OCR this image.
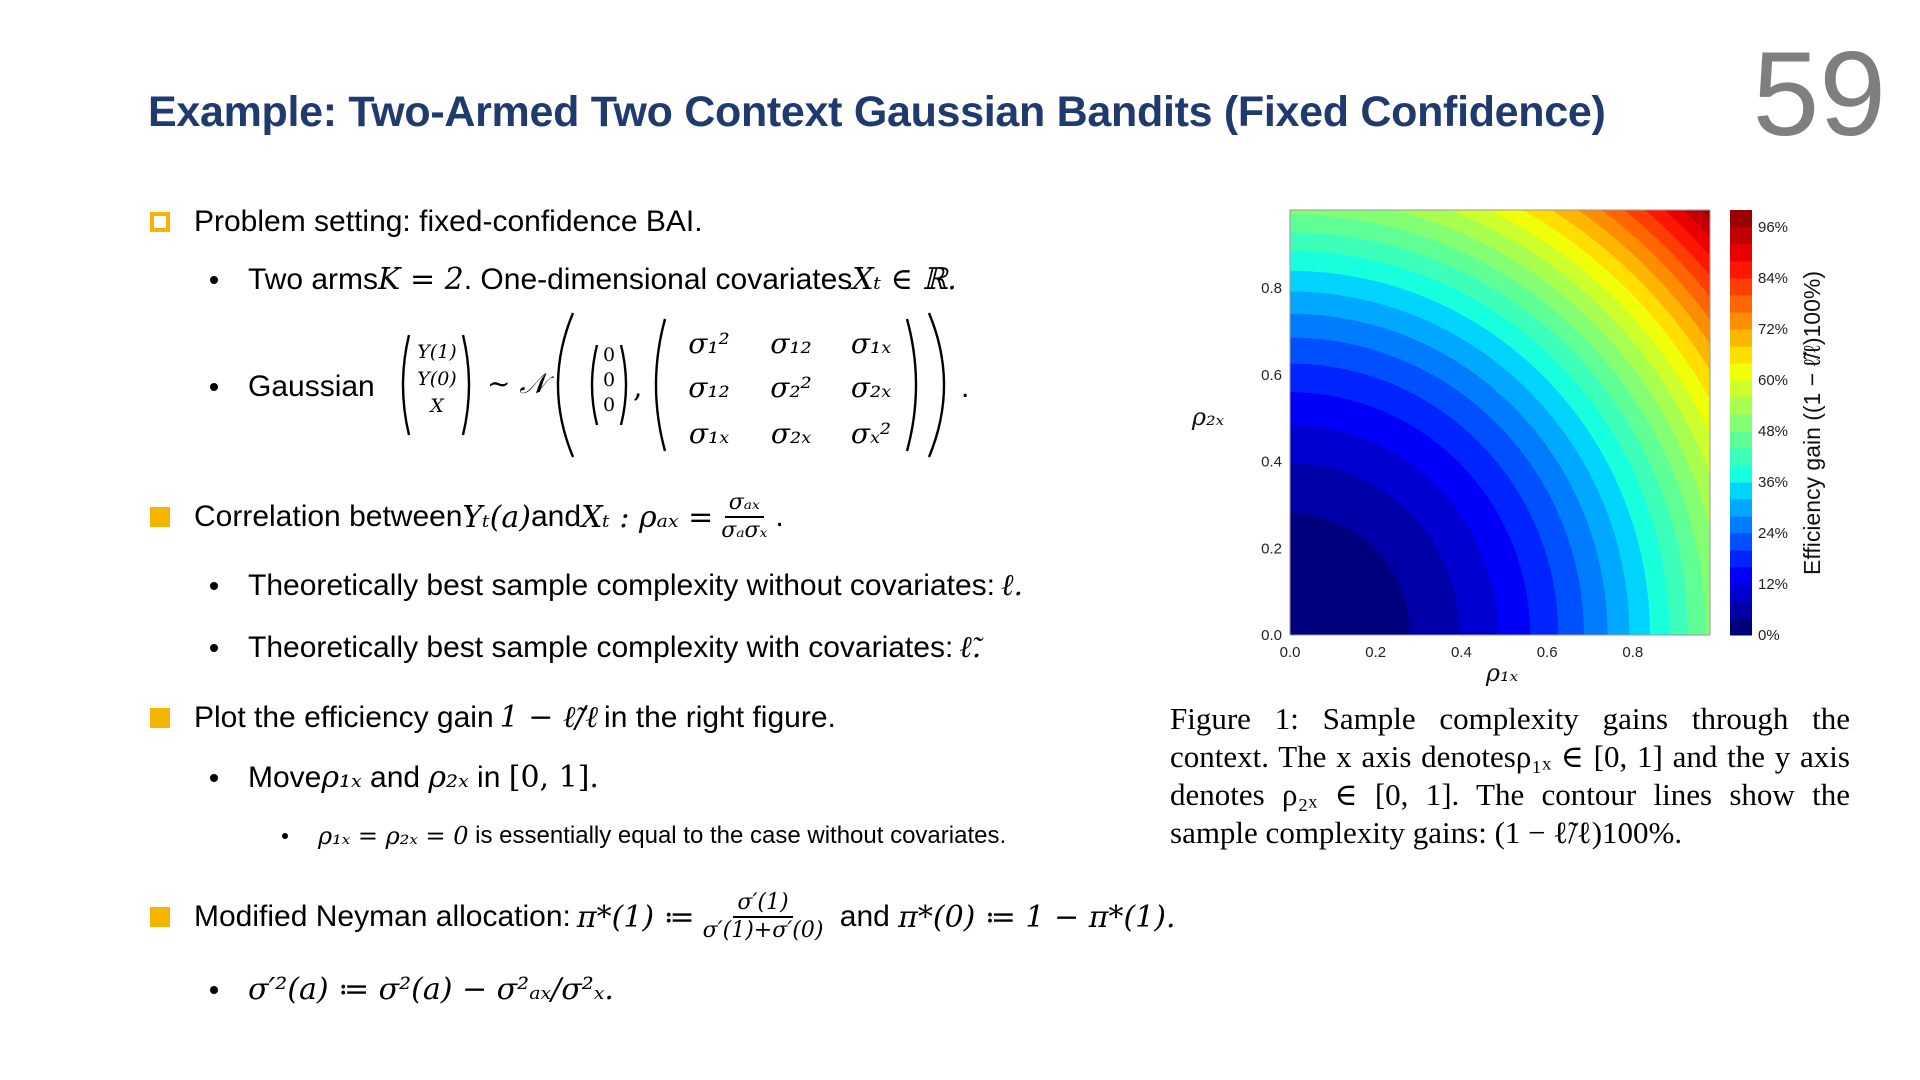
Example: Two-Armed Two Context Gaussian Bandits (Fixed Confidence) 59
Problem setting: fixed-confidence BAI.
Two arms K = 2 . One-dimensional covariates Xₜ ∈ ℝ.
Gaussian
Y(1)
Y(0)
X
~ 𝒩
0
0
0 ,
σ₁² σ₁₂ σ₁ₓ
σ₁₂ σ₂² σ₂ₓ
σ₁ₓ σ₂ₓ σₓ²
.
Correlation between Yₜ(a) and Xₜ : $\rho_{ax} = \frac{\text{σₐₓ}}{\text{σₐσₓ}}$ .
Theoretically best sample complexity without covariates: ℓ.
Theoretically best sample complexity with covariates: ℓ̃.
Plot the efficiency gain 1 − ℓ̃/ℓ in the right figure.
Move ρ₁ₓ and ρ₂ₓ in [0, 1].
ρ₁ₓ = ρ₂ₓ = 0 is essentially equal to the case without covariates.
Modified Neyman allocation: π*(1) ≔ $\frac{\sigma'(1)}{\sigma'(1)+\sigma'(0)}$ and π*(0) ≔ 1 − π*(1).
σ′²(a) ≔ σ²(a) − σ²ₐₓ/σ²ₓ.
0.0	0.2	0.4	0.6	0.8
0.0
0.2
0.4
0.6
0.8
ρ₁ₓ
ρ₂ₓ
0%
12%
24%
36%
48%
60%
72%
84%
96%
Efficiency gain ((1 − ℓ̃/ℓ)100%)
Figure 1: Sample complexity gains through the context. The x axis denotesρ₁ₓ ∈ [0, 1] and the y axis denotes ρ₂ₓ ∈ [0, 1]. The contour lines show the sample complexity gains: (1 − ℓ̃/ℓ)100%.
